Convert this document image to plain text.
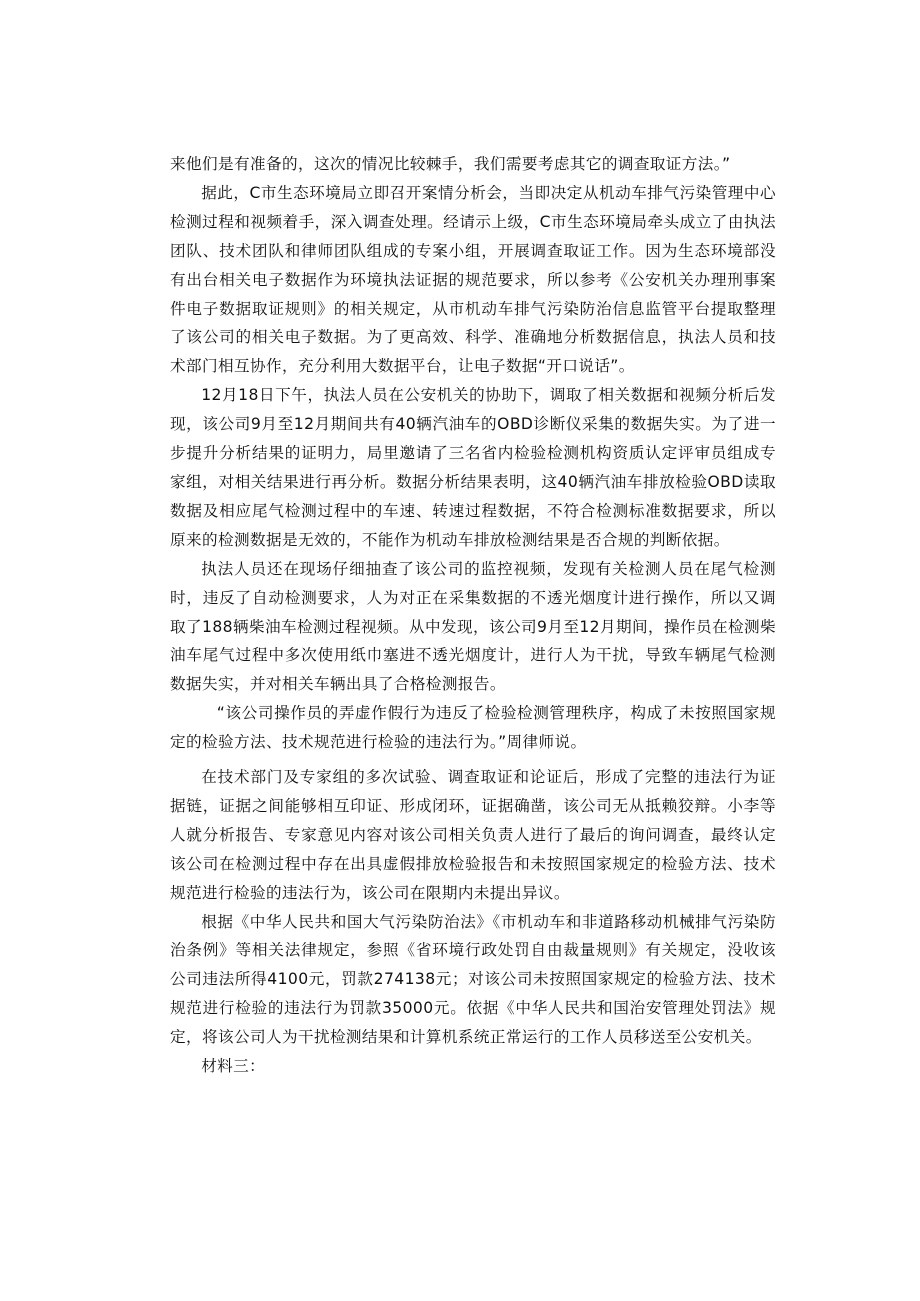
来他们是有准备的，这次的情况比较棘手，我们需要考虑其它的调查取证方法。”

据此，C市生态环境局立即召开案情分析会，当即决定从机动车排气污染管理中心检测过程和视频着手，深入调查处理。经请示上级，C市生态环境局牵头成立了由执法团队、技术团队和律师团队组成的专案小组，开展调查取证工作。因为生态环境部没有出台相关电子数据作为环境执法证据的规范要求，所以参考《公安机关办理刑事案件电子数据取证规则》的相关规定，从市机动车排气污染防治信息监管平台提取整理了该公司的相关电子数据。为了更高效、科学、准确地分析数据信息，执法人员和技术部门相互协作，充分利用大数据平台，让电子数据“开口说话”。

12月18日下午，执法人员在公安机关的协助下，调取了相关数据和视频分析后发现，该公司9月至12月期间共有40辆汽油车的OBD诊断仪采集的数据失实。为了进一步提升分析结果的证明力，局里邀请了三名省内检验检测机构资质认定评审员组成专家组，对相关结果进行再分析。数据分析结果表明，这40辆汽油车排放检验OBD读取数据及相应尾气检测过程中的车速、转速过程数据，不符合检测标准数据要求，所以原来的检测数据是无效的，不能作为机动车排放检测结果是否合规的判断依据。

执法人员还在现场仔细抽查了该公司的监控视频，发现有关检测人员在尾气检测时，违反了自动检测要求，人为对正在采集数据的不透光烟度计进行操作，所以又调取了188辆柴油车检测过程视频。从中发现，该公司9月至12月期间，操作员在检测柴油车尾气过程中多次使用纸巾塞进不透光烟度计，进行人为干扰，导致车辆尾气检测数据失实，并对相关车辆出具了合格检测报告。

“该公司操作员的弄虚作假行为违反了检验检测管理秩序，构成了未按照国家规定的检验方法、技术规范进行检验的违法行为。”周律师说。

在技术部门及专家组的多次试验、调查取证和论证后，形成了完整的违法行为证据链，证据之间能够相互印证、形成闭环，证据确凿，该公司无从抵赖狡辩。小李等人就分析报告、专家意见内容对该公司相关负责人进行了最后的询问调查，最终认定该公司在检测过程中存在出具虚假排放检验报告和未按照国家规定的检验方法、技术规范进行检验的违法行为，该公司在限期内未提出异议。

根据《中华人民共和国大气污染防治法》《市机动车和非道路移动机械排气污染防治条例》等相关法律规定，参照《省环境行政处罚自由裁量规则》有关规定，没收该公司违法所得4100元，罚款274138元；对该公司未按照国家规定的检验方法、技术规范进行检验的违法行为罚款35000元。依据《中华人民共和国治安管理处罚法》规定，将该公司人为干扰检测结果和计算机系统正常运行的工作人员移送至公安机关。

材料三：
